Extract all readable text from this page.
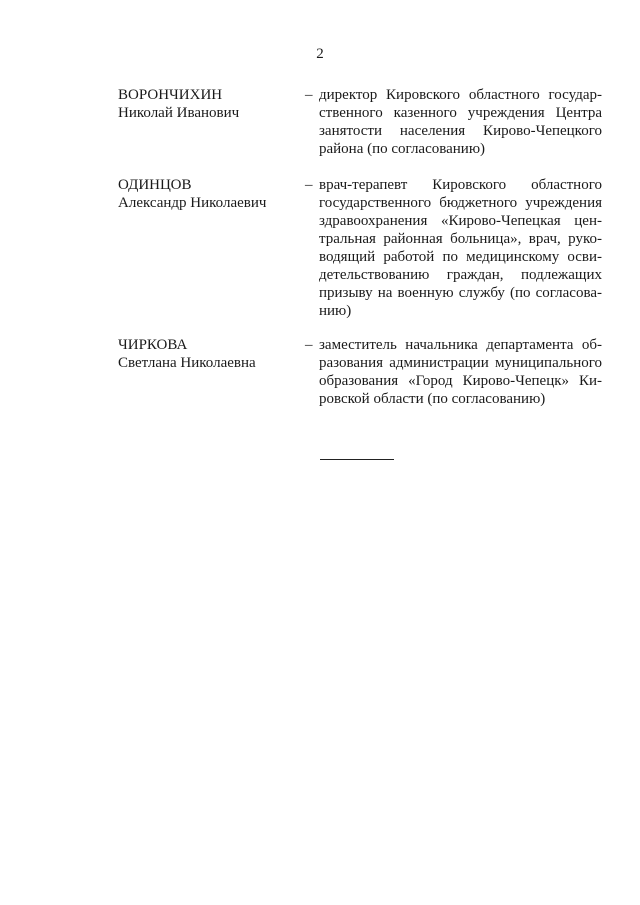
2
ВОРОНЧИХИН
Николай Иванович
– директор Кировского областного государ-
ственного казенного учреждения Центра
занятости населения Кирово-Чепецкого
района (по согласованию)
ОДИНЦОВ
Александр Николаевич
– врач-терапевт Кировского областного
государственного бюджетного учреждения
здравоохранения «Кирово-Чепецкая цен-
тральная районная больница», врач, руко-
водящий работой по медицинскому осви-
детельствованию граждан, подлежащих
призыву на военную службу (по согласова-
нию)
ЧИРКОВА
Светлана Николаевна
– заместитель начальника департамента об-
разования администрации муниципального
образования «Город Кирово-Чепецк» Ки-
ровской области (по согласованию)
